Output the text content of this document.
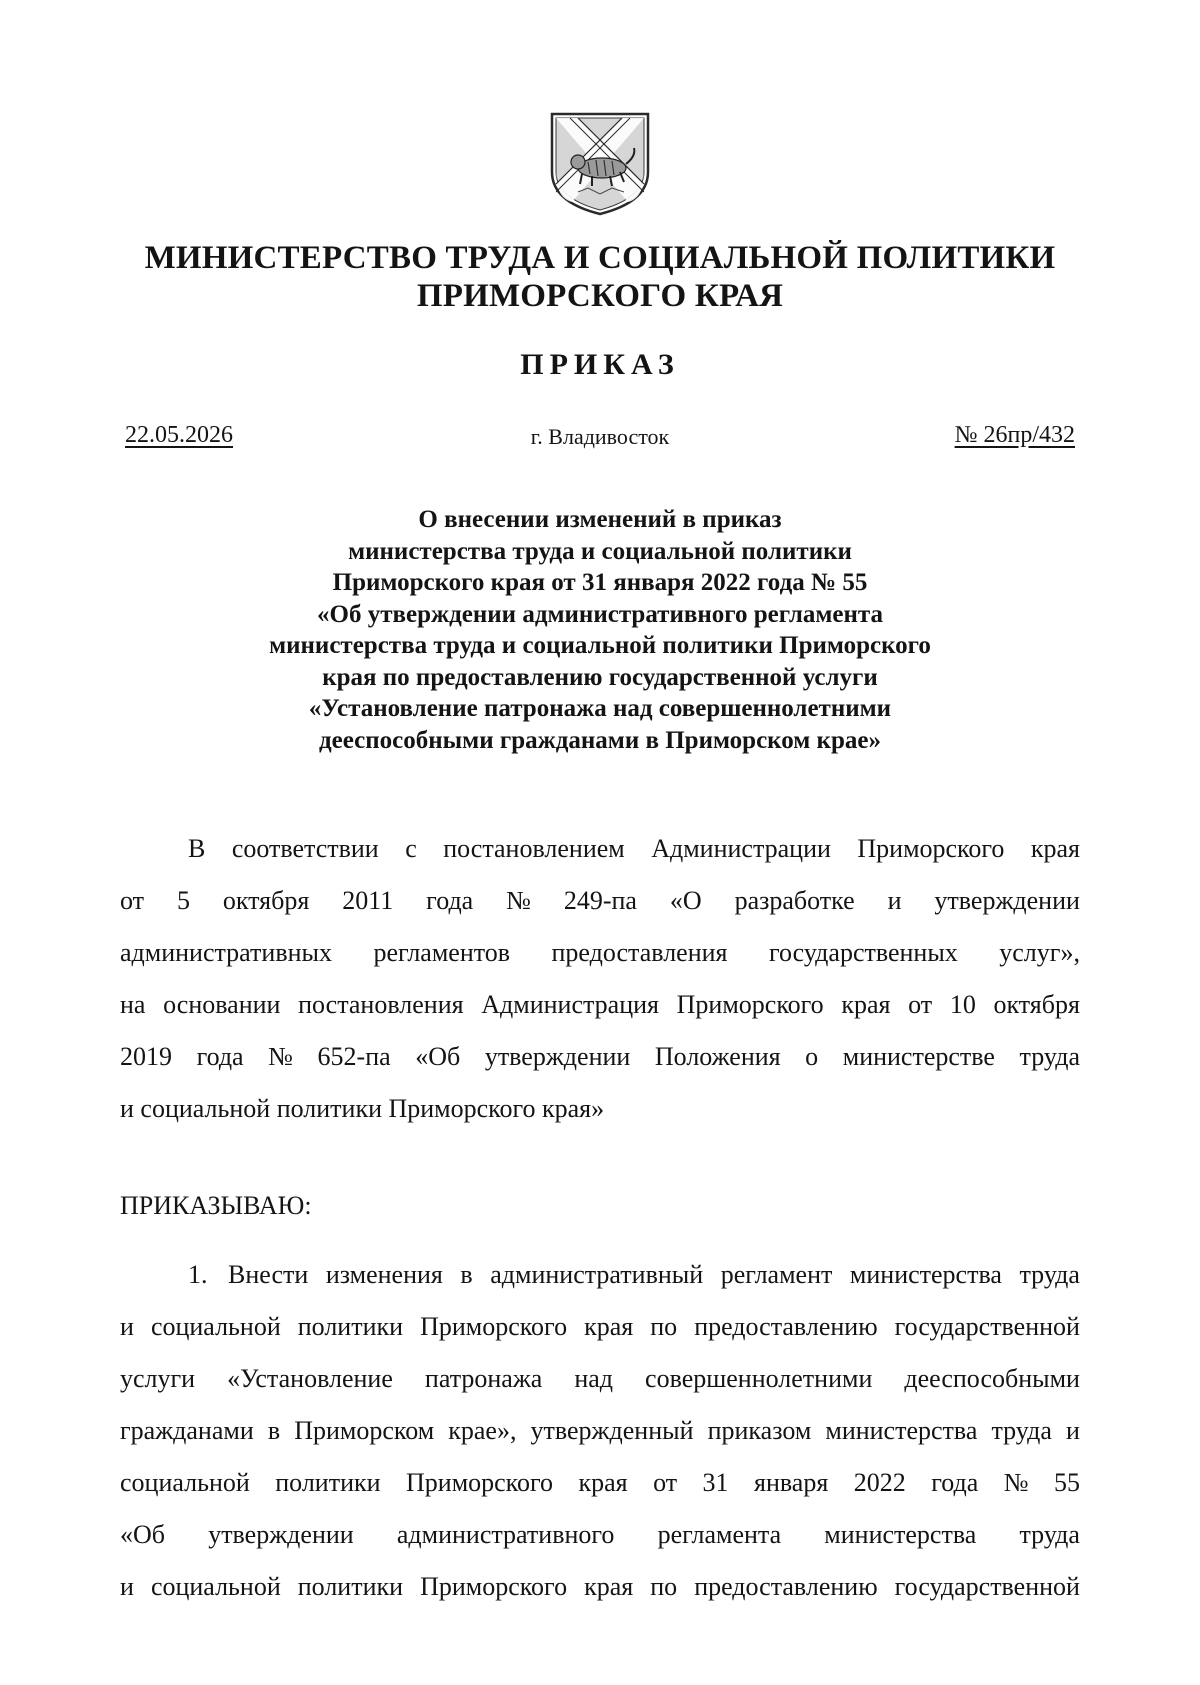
МИНИСТЕРСТВО ТРУДА И СОЦИАЛЬНОЙ ПОЛИТИКИ
ПРИМОРСКОГО КРАЯ
ПРИКАЗ
22.05.2026	г. Владивосток	№ 26пр/432
О внесении изменений в приказ
министерства труда и социальной политики
Приморского края от 31 января 2022 года № 55
«Об утверждении административного регламента
министерства труда и социальной политики Приморского
края по предоставлению государственной услуги
«Установление патронажа над совершеннолетними
дееспособными гражданами в Приморском крае»
В соответствии с постановлением Администрации Приморского края
от 5 октября 2011 года № 249-па «О разработке и утверждении
административных регламентов предоставления государственных услуг»,
на основании постановления Администрация Приморского края от 10 октября
2019 года № 652-па «Об утверждении Положения о министерстве труда
и социальной политики Приморского края»
ПРИКАЗЫВАЮ:
1. Внести изменения в административный регламент министерства труда
и социальной политики Приморского края по предоставлению государственной
услуги «Установление патронажа над совершеннолетними дееспособными
гражданами в Приморском крае», утвержденный приказом министерства труда и
социальной политики Приморского края от 31 января 2022 года № 55
«Об утверждении административного регламента министерства труда
и социальной политики Приморского края по предоставлению государственной
